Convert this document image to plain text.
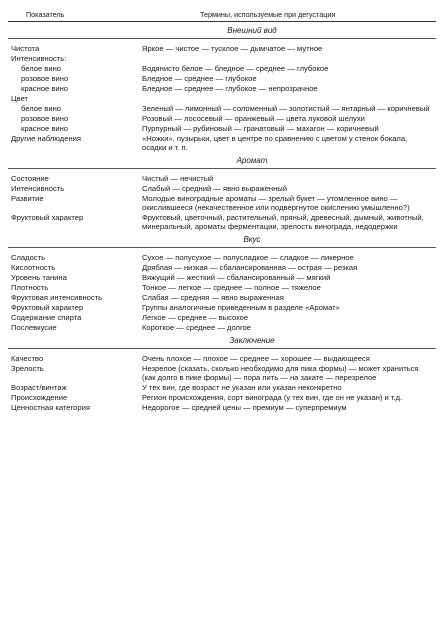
Показатель	Термины, используемые при дегустации
Внешний вид
Чистота	Яркое — чистое — тусклое — дымчатое — мутное
Интенсивность:
белое вино	Водянисто белое — бледное — среднее — глубокое
розовое вино	Бледное — среднее — глубокое
красное вино	Бледное — среднее — глубокое — непрозрачное
Цвет
белое вино	Зеленый — лимонный — соломенный — золотистый — янтарный — коричневый
розовое вино	Розовый — лососевый — оранжевый — цвета луковой шелухи
красное вино	Пурпурный — рубиновый — гранатовый — махагон — коричневый
Другие наблюдения	«Ножки», пузырьки, цвет в центре по сравнению с цветом у стенок бокала, осадки и т. п.
Аромат
Состояние	Чистый — нечистый
Интенсивность	Слабый — средний — явно выраженный
Развитие	Молодые виноградные ароматы — зрелый букет — утомленное вино — окислившееся (некачественное или подвергнутое окислению умышленно?)
Фруктовый характер	Фруктовый, цветочный, растительный, пряный, древесный, дымный, животный, минеральный, ароматы ферментации, зрелость винограда, недодержки
Вкус
Сладость	Сухое — полусухое — полусладкое — сладкое — ликерное
Кислотность	Дряблая — низкая — сбалансированная — острая — резкая
Уровень танина	Вяжущий — жесткий — сбалансированный — мягкий
Плотность	Тонкое — легкое — среднее — полное — тяжелое
Фруктовая интенсивность	Слабая — средняя — явно выраженная
Фруктовый характер	Группы аналогичные приведенным в разделе «Аромат»
Содержание спирта	Легкое — среднее — высокое
Послевкусие	Короткое — среднее — долгое
Заключение
Качество	Очень плохое — плохое — среднее — хорошее — выдающееся
Зрелость	Незрелое (сказать, сколько необходимо для пика формы) — может храниться (как долго в пике формы) — пора пить — на закате — перезрелое
Возраст/винтаж	У тех вин, где возраст не указан или указан неконкретно
Происхождение	Регион происхождения, сорт винограда (у тех вин, где он не указан) и т.д.
Ценностная категория	Недорогое — средней цены — премиум — суперпремиум
